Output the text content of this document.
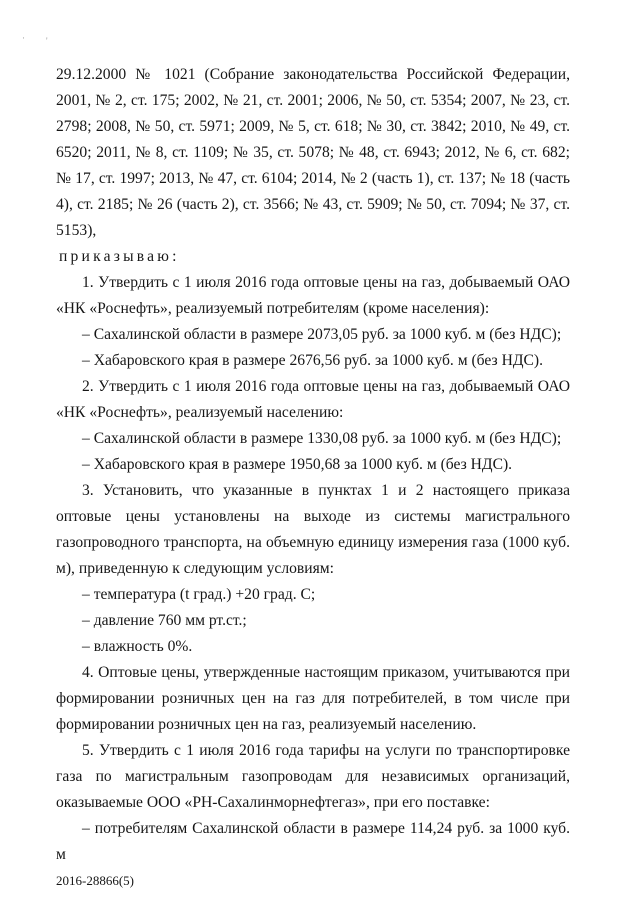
· '

29.12.2000 № 1021 (Собрание законодательства Российской Федерации, 2001, № 2, ст. 175; 2002, № 21, ст. 2001; 2006, № 50, ст. 5354; 2007, № 23, ст. 2798; 2008, № 50, ст. 5971; 2009, № 5, ст. 618; № 30, ст. 3842; 2010, № 49, ст. 6520; 2011, № 8, ст. 1109; № 35, ст. 5078; № 48, ст. 6943; 2012, № 6, ст. 682; № 17, ст. 1997; 2013, № 47, ст. 6104; 2014, № 2 (часть 1), ст. 137; № 18 (часть 4), ст. 2185; № 26 (часть 2), ст. 3566; № 43, ст. 5909; № 50, ст. 7094; № 37, ст. 5153),

приказываю:

1. Утвердить с 1 июля 2016 года оптовые цены на газ, добываемый ОАО «НК «Роснефть», реализуемый потребителям (кроме населения):

– Сахалинской области в размере 2073,05 руб. за 1000 куб. м (без НДС);

– Хабаровского края в размере 2676,56 руб. за 1000 куб. м (без НДС).

2. Утвердить с 1 июля 2016 года оптовые цены на газ, добываемый ОАО «НК «Роснефть», реализуемый населению:

– Сахалинской области в размере 1330,08 руб. за 1000 куб. м (без НДС);

– Хабаровского края в размере 1950,68 за 1000 куб. м (без НДС).

3. Установить, что указанные в пунктах 1 и 2 настоящего приказа оптовые цены установлены на выходе из системы магистрального газопроводного транспорта, на объемную единицу измерения газа (1000 куб. м), приведенную к следующим условиям:

– температура (t град.) +20 град. С;

– давление 760 мм рт.ст.;

– влажность 0%.

4. Оптовые цены, утвержденные настоящим приказом, учитываются при формировании розничных цен на газ для потребителей, в том числе при формировании розничных цен на газ, реализуемый населению.

5. Утвердить с 1 июля 2016 года тарифы на услуги по транспортировке газа по магистральным газопроводам для независимых организаций, оказываемые ООО «РН-Сахалинморнефтегаз», при его поставке:

– потребителям Сахалинской области в размере 114,24 руб. за 1000 куб. м

2016-28866(5)
